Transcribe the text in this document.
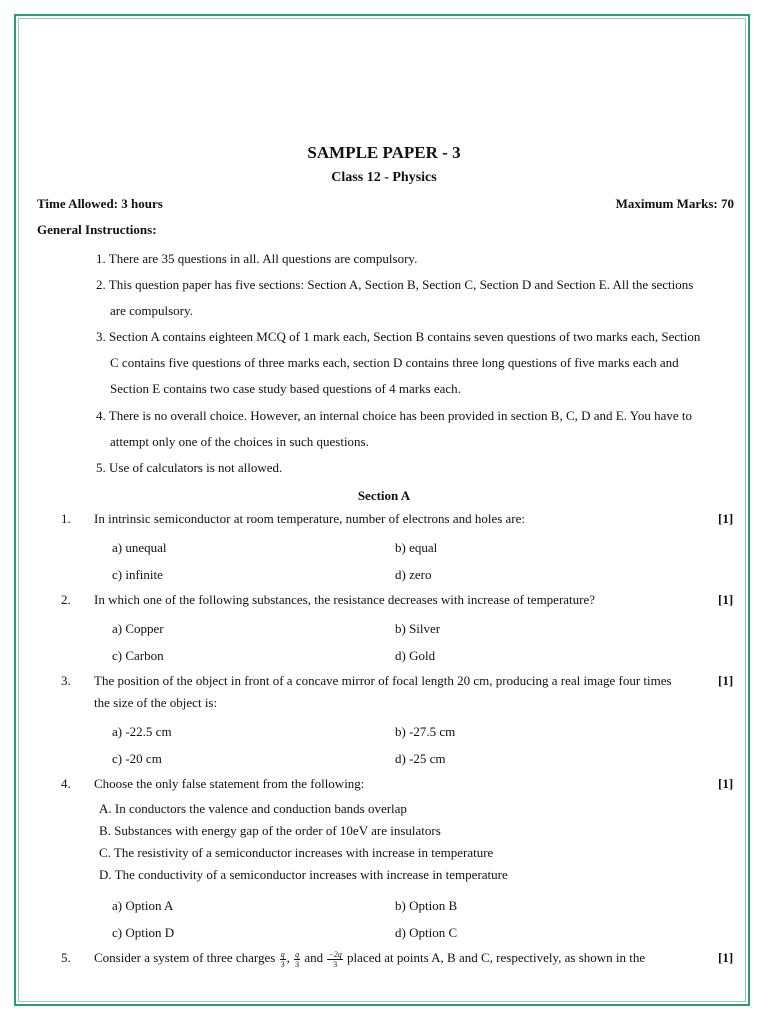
SAMPLE PAPER - 3
Class 12 - Physics
Time Allowed: 3 hours	Maximum Marks: 70
General Instructions:
1. There are 35 questions in all. All questions are compulsory.
2. This question paper has five sections: Section A, Section B, Section C, Section D and Section E. All the sections
are compulsory.
3. Section A contains eighteen MCQ of 1 mark each, Section B contains seven questions of two marks each, Section
C contains five questions of three marks each, section D contains three long questions of five marks each and
Section E contains two case study based questions of 4 marks each.
4. There is no overall choice. However, an internal choice has been provided in section B, C, D and E. You have to
attempt only one of the choices in such questions.
5. Use of calculators is not allowed.
Section A
1. In intrinsic semiconductor at room temperature, number of electrons and holes are:	[1]
a) unequal	b) equal
c) infinite	d) zero
2. In which one of the following substances, the resistance decreases with increase of temperature?	[1]
a) Copper	b) Silver
c) Carbon	d) Gold
3. The position of the object in front of a concave mirror of focal length 20 cm, producing a real image four times
the size of the object is:
[1]
a) -22.5 cm	b) -27.5 cm
c) -20 cm	d) -25 cm
4. Choose the only false statement from the following:	[1]
A. In conductors the valence and conduction bands overlap
B. Substances with energy gap of the order of 10eV are insulators
C. The resistivity of a semiconductor increases with increase in temperature
D. The conductivity of a semiconductor increases with increase in temperature
a) Option A	b) Option B
c) Option D	d) Option C
5. Consider a system of three charges $\frac{q}{3}$ , $\frac{q}{3}$ and $\frac{-2q}{3}$ placed at points A, B and C, respectively, as shown in the	[1]
